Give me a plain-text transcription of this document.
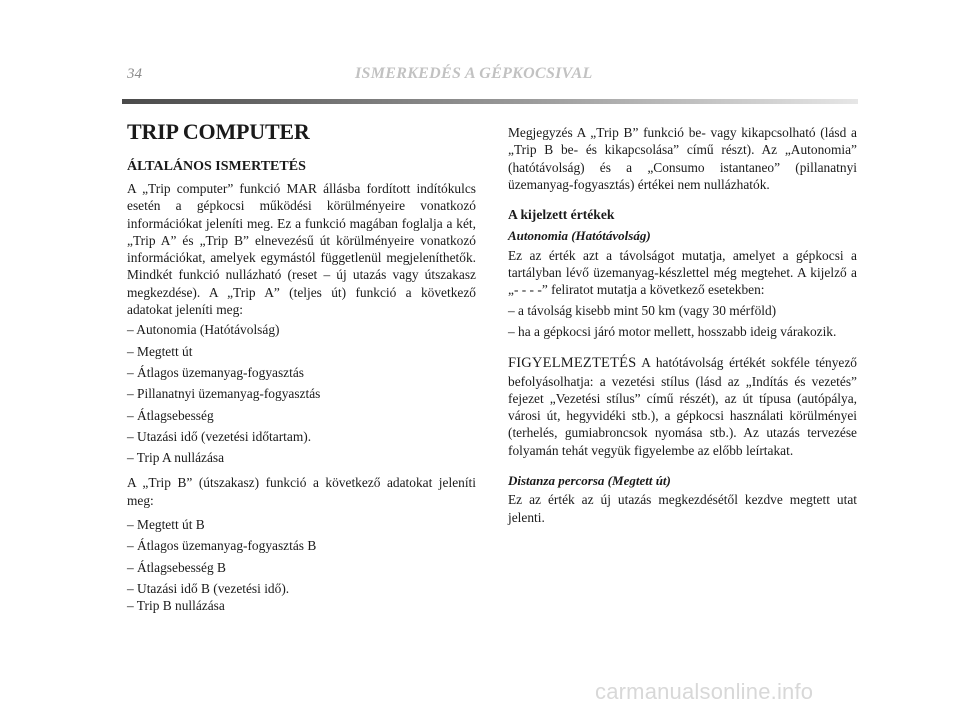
34	ISMERKEDÉS A GÉPKOCSIVAL
TRIP COMPUTER
ÁLTALÁNOS ISMERTETÉS

A „Trip computer” funkció MAR állásba fordított indítókulcs esetén a gépkocsi működési körülményeire vonatkozó információkat jeleníti meg. Ez a funkció magában foglalja a két, „Trip A” és „Trip B” elnevezésű út körülményeire vonatkozó információkat, amelyek egymástól függetlenül megjeleníthetők. Mindkét funkció nullázható (reset – új utazás vagy útszakasz megkezdése). A „Trip A” (teljes út) funkció a következő adatokat jeleníti meg:

– Autonomia (Hatótávolság)
– Megtett út
– Átlagos üzemanyag-fogyasztás
– Pillanatnyi üzemanyag-fogyasztás
– Átlagsebesség
– Utazási idő (vezetési időtartam).
– Trip A nullázása

A „Trip B” (útszakasz) funkció a következő adatokat jeleníti meg:

– Megtett út B
– Átlagos üzemanyag-fogyasztás B
– Átlagsebesség B
– Utazási idő B (vezetési idő).
– Trip B nullázása

Megjegyzés A „Trip B” funkció be- vagy kikapcsolható (lásd a „Trip B be- és kikapcsolása” című részt). Az „Autonomia” (hatótávolság) és a „Consumo istantaneo” (pillanatnyi üzemanyag-fogyasztás) értékei nem nullázhatók.

A kijelzett értékek
Autonomia (Hatótávolság)

Ez az érték azt a távolságot mutatja, amelyet a gépkocsi a tartályban lévő üzemanyag-készlettel még megtehet. A kijelző a „- - - -” feliratot mutatja a következő esetekben:

– a távolság kisebb mint 50 km (vagy 30 mérföld)
– ha a gépkocsi járó motor mellett, hosszabb ideig várakozik.

FIGYELMEZTETÉS A hatótávolság értékét sokféle tényező befolyásolhatja: a vezetési stílus (lásd az „Indítás és vezetés” fejezet „Vezetési stílus” című részét), az út típusa (autópálya, városi út, hegyvidéki stb.), a gépkocsi használati körülményei (terhelés, gumiabroncsok nyomása stb.). Az utazás tervezése folyamán tehát vegyük figyelembe az előbb leírtakat.

Distanza percorsa (Megtett út)

Ez az érték az új utazás megkezdésétől kezdve megtett utat jelenti.

carmanualsonline.info
